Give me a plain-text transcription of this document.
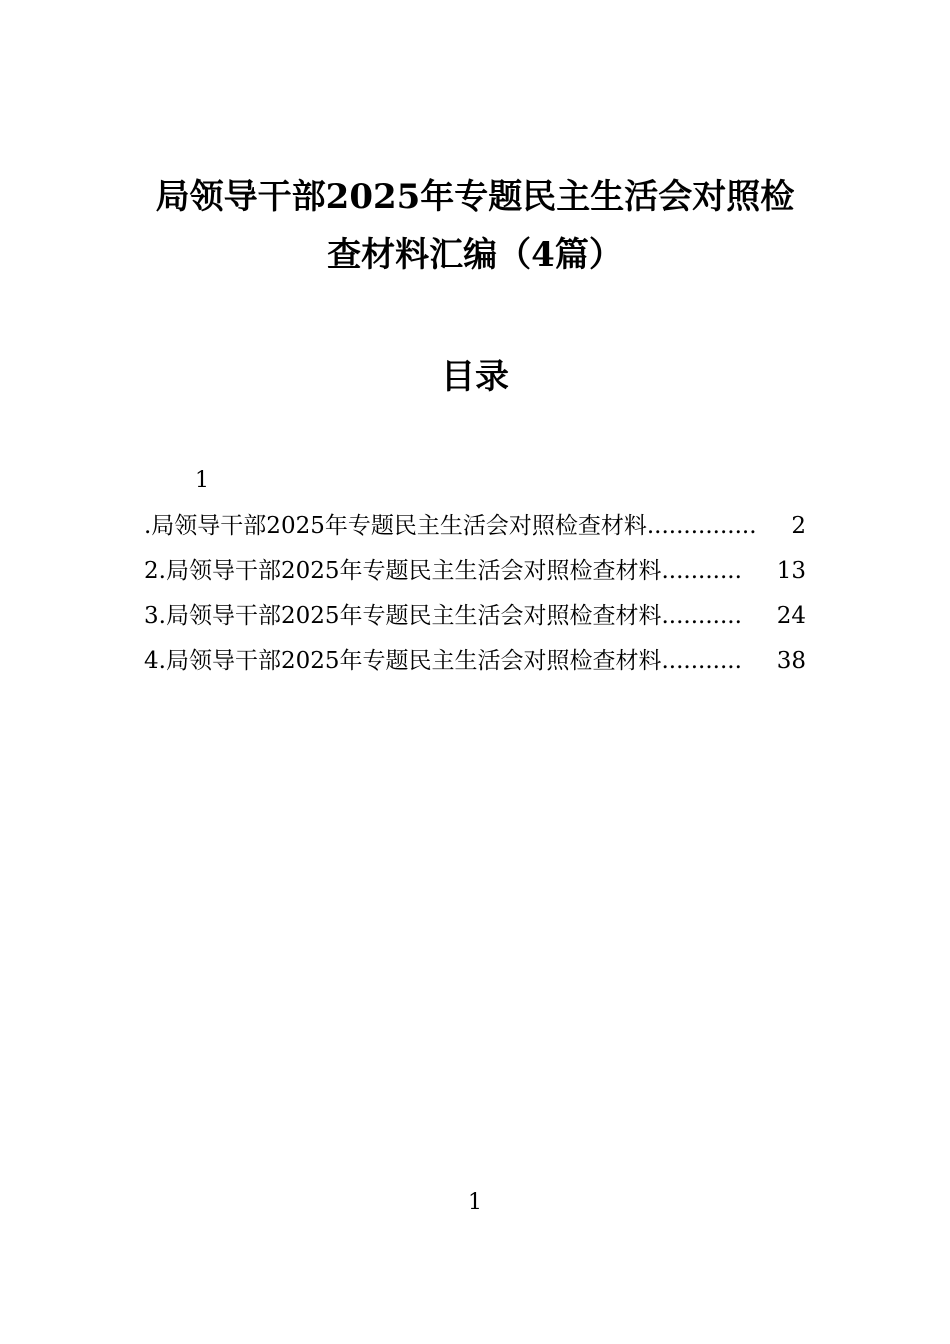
局领导干部2025年专题民主生活会对照检
查材料汇编（4篇）
目录
1
.局领导干部2025年专题民主生活会对照检查材料 ...............	2
2.局领导干部2025年专题民主生活会对照检查材料 ...........	13
3.局领导干部2025年专题民主生活会对照检查材料 ...........	24
4.局领导干部2025年专题民主生活会对照检查材料 ...........	38
1
